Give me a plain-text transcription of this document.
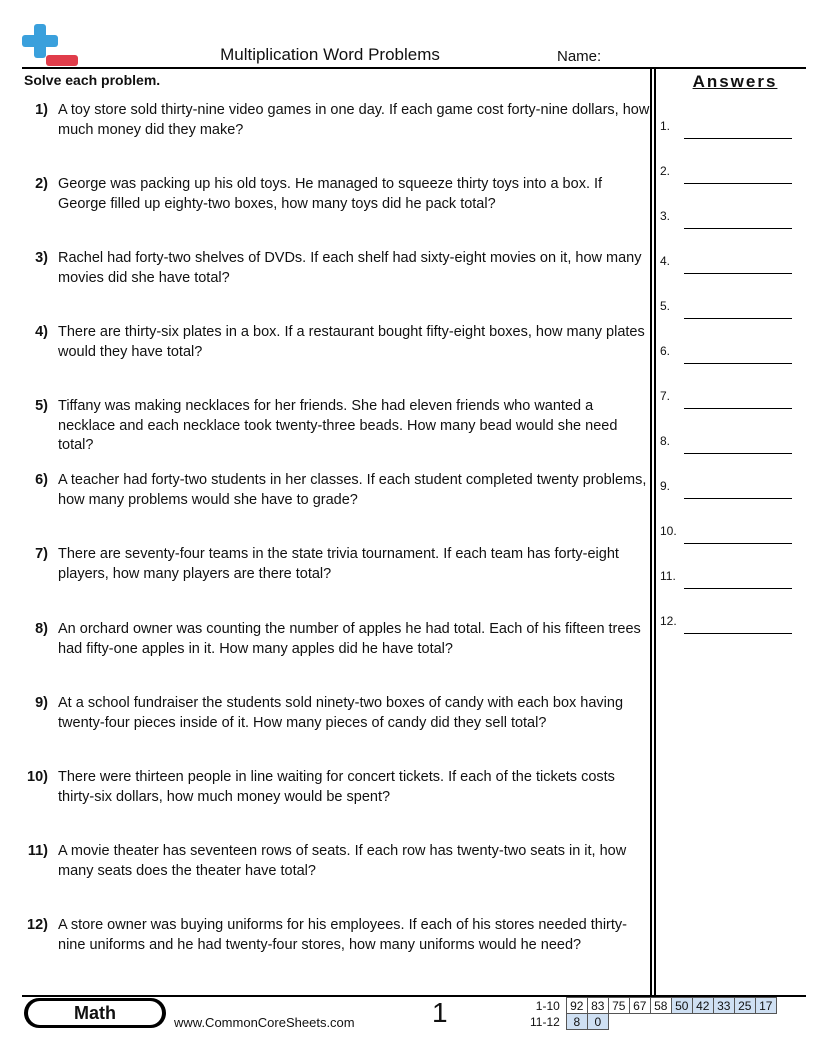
Multiplication Word Problems	Name:
Solve each problem.
1) A toy store sold thirty-nine video games in one day. If each game cost forty-nine dollars, how much money did they make?
2) George was packing up his old toys. He managed to squeeze thirty toys into a box. If George filled up eighty-two boxes, how many toys did he pack total?
3) Rachel had forty-two shelves of DVDs. If each shelf had sixty-eight movies on it, how many movies did she have total?
4) There are thirty-six plates in a box. If a restaurant bought fifty-eight boxes, how many plates would they have total?
5) Tiffany was making necklaces for her friends. She had eleven friends who wanted a necklace and each necklace took twenty-three beads. How many bead would she need total?
6) A teacher had forty-two students in her classes. If each student completed twenty problems, how many problems would she have to grade?
7) There are seventy-four teams in the state trivia tournament. If each team has forty-eight players, how many players are there total?
8) An orchard owner was counting the number of apples he had total. Each of his fifteen trees had fifty-one apples in it. How many apples did he have total?
9) At a school fundraiser the students sold ninety-two boxes of candy with each box having twenty-four pieces inside of it. How many pieces of candy did they sell total?
10) There were thirteen people in line waiting for concert tickets. If each of the tickets costs thirty-six dollars, how much money would be spent?
11) A movie theater has seventeen rows of seats. If each row has twenty-two seats in it, how many seats does the theater have total?
12) A store owner was buying uniforms for his employees. If each of his stores needed thirty-nine uniforms and he had twenty-four stores, how many uniforms would he need?
Answers
1.
2.
3.
4.
5.
6.
7.
8.
9.
10.
11.
12.
Math	www.CommonCoreSheets.com	1	1-10	92	83	75	67	58	50	42	33	25	17
11-12	8	0								
